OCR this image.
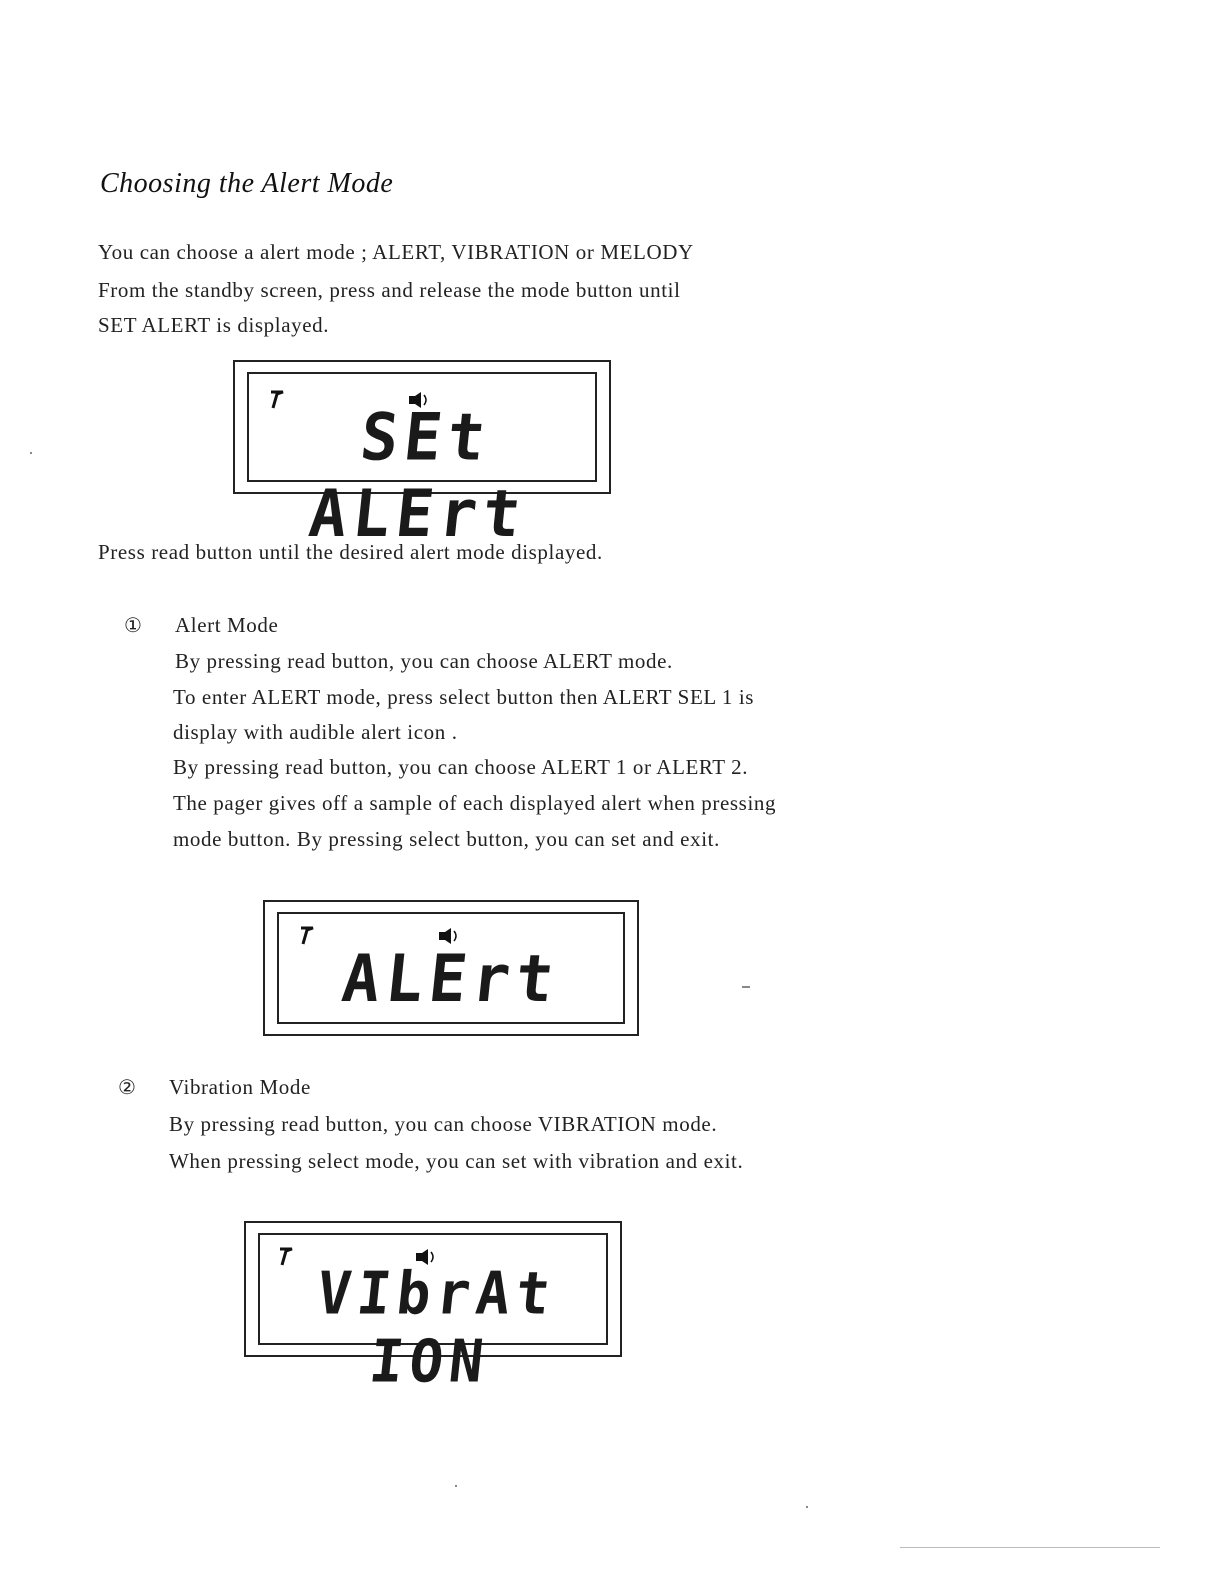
Choosing the Alert Mode
You can choose a alert mode ; ALERT, VIBRATION or MELODY
From the standby screen, press and release the mode button until
SET ALERT is displayed.
SEt ALErt
Press read button until the desired alert mode displayed.
① Alert Mode
By pressing read button, you can choose ALERT mode.
To enter ALERT mode, press select button then ALERT SEL 1 is
display with audible alert icon .
By pressing read button, you can choose ALERT 1 or ALERT 2.
The pager gives off a sample of each displayed alert when pressing
mode button. By pressing select button, you can set and exit.
ALErt
② Vibration Mode
By pressing read button, you can choose VIBRATION mode.
When pressing select mode, you can set with vibration and exit.
VIbrAt ION
